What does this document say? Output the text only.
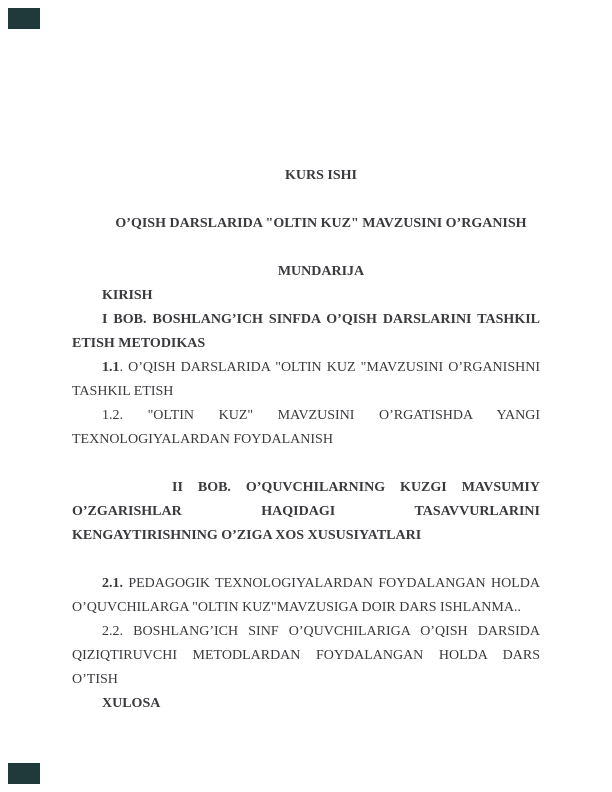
KURS ISHI

O’QISH DARSLARIDA "OLTIN KUZ" MAVZUSINI O’RGANISH

MUNDARIJA
KIRISH
I BOB. BOSHLANG’ICH SINFDA O’QISH DARSLARINI TASHKIL
ETISH METODIKAS
1.1. O’QISH DARSLARIDA "OLTIN KUZ "MAVZUSINI O’RGANISHNI
TASHKIL ETISH
1.2. "OLTIN KUZ" MAVZUSINI O’RGATISHDA YANGI
TEXNOLOGIYALARDAN FOYDALANISH

II BOB. O’QUVCHILARNING KUZGI MAVSUMIY
O’ZGARISHLAR HAQIDAGI TASAVVURLARINI
KENGAYTIRISHNING O’ZIGA XOS XUSUSIYATLARI

2.1. PEDAGOGIK TEXNOLOGIYALARDAN FOYDALANGAN HOLDA
O’QUVCHILARGA "OLTIN KUZ"MAVZUSIGA DOIR DARS ISHLANMA..
2.2. BOSHLANG’ICH SINF O’QUVCHILARIGA O’QISH DARSIDA
QIZIQTIRUVCHI METODLARDAN FOYDALANGAN HOLDA DARS
O’TISH
XULOSA
